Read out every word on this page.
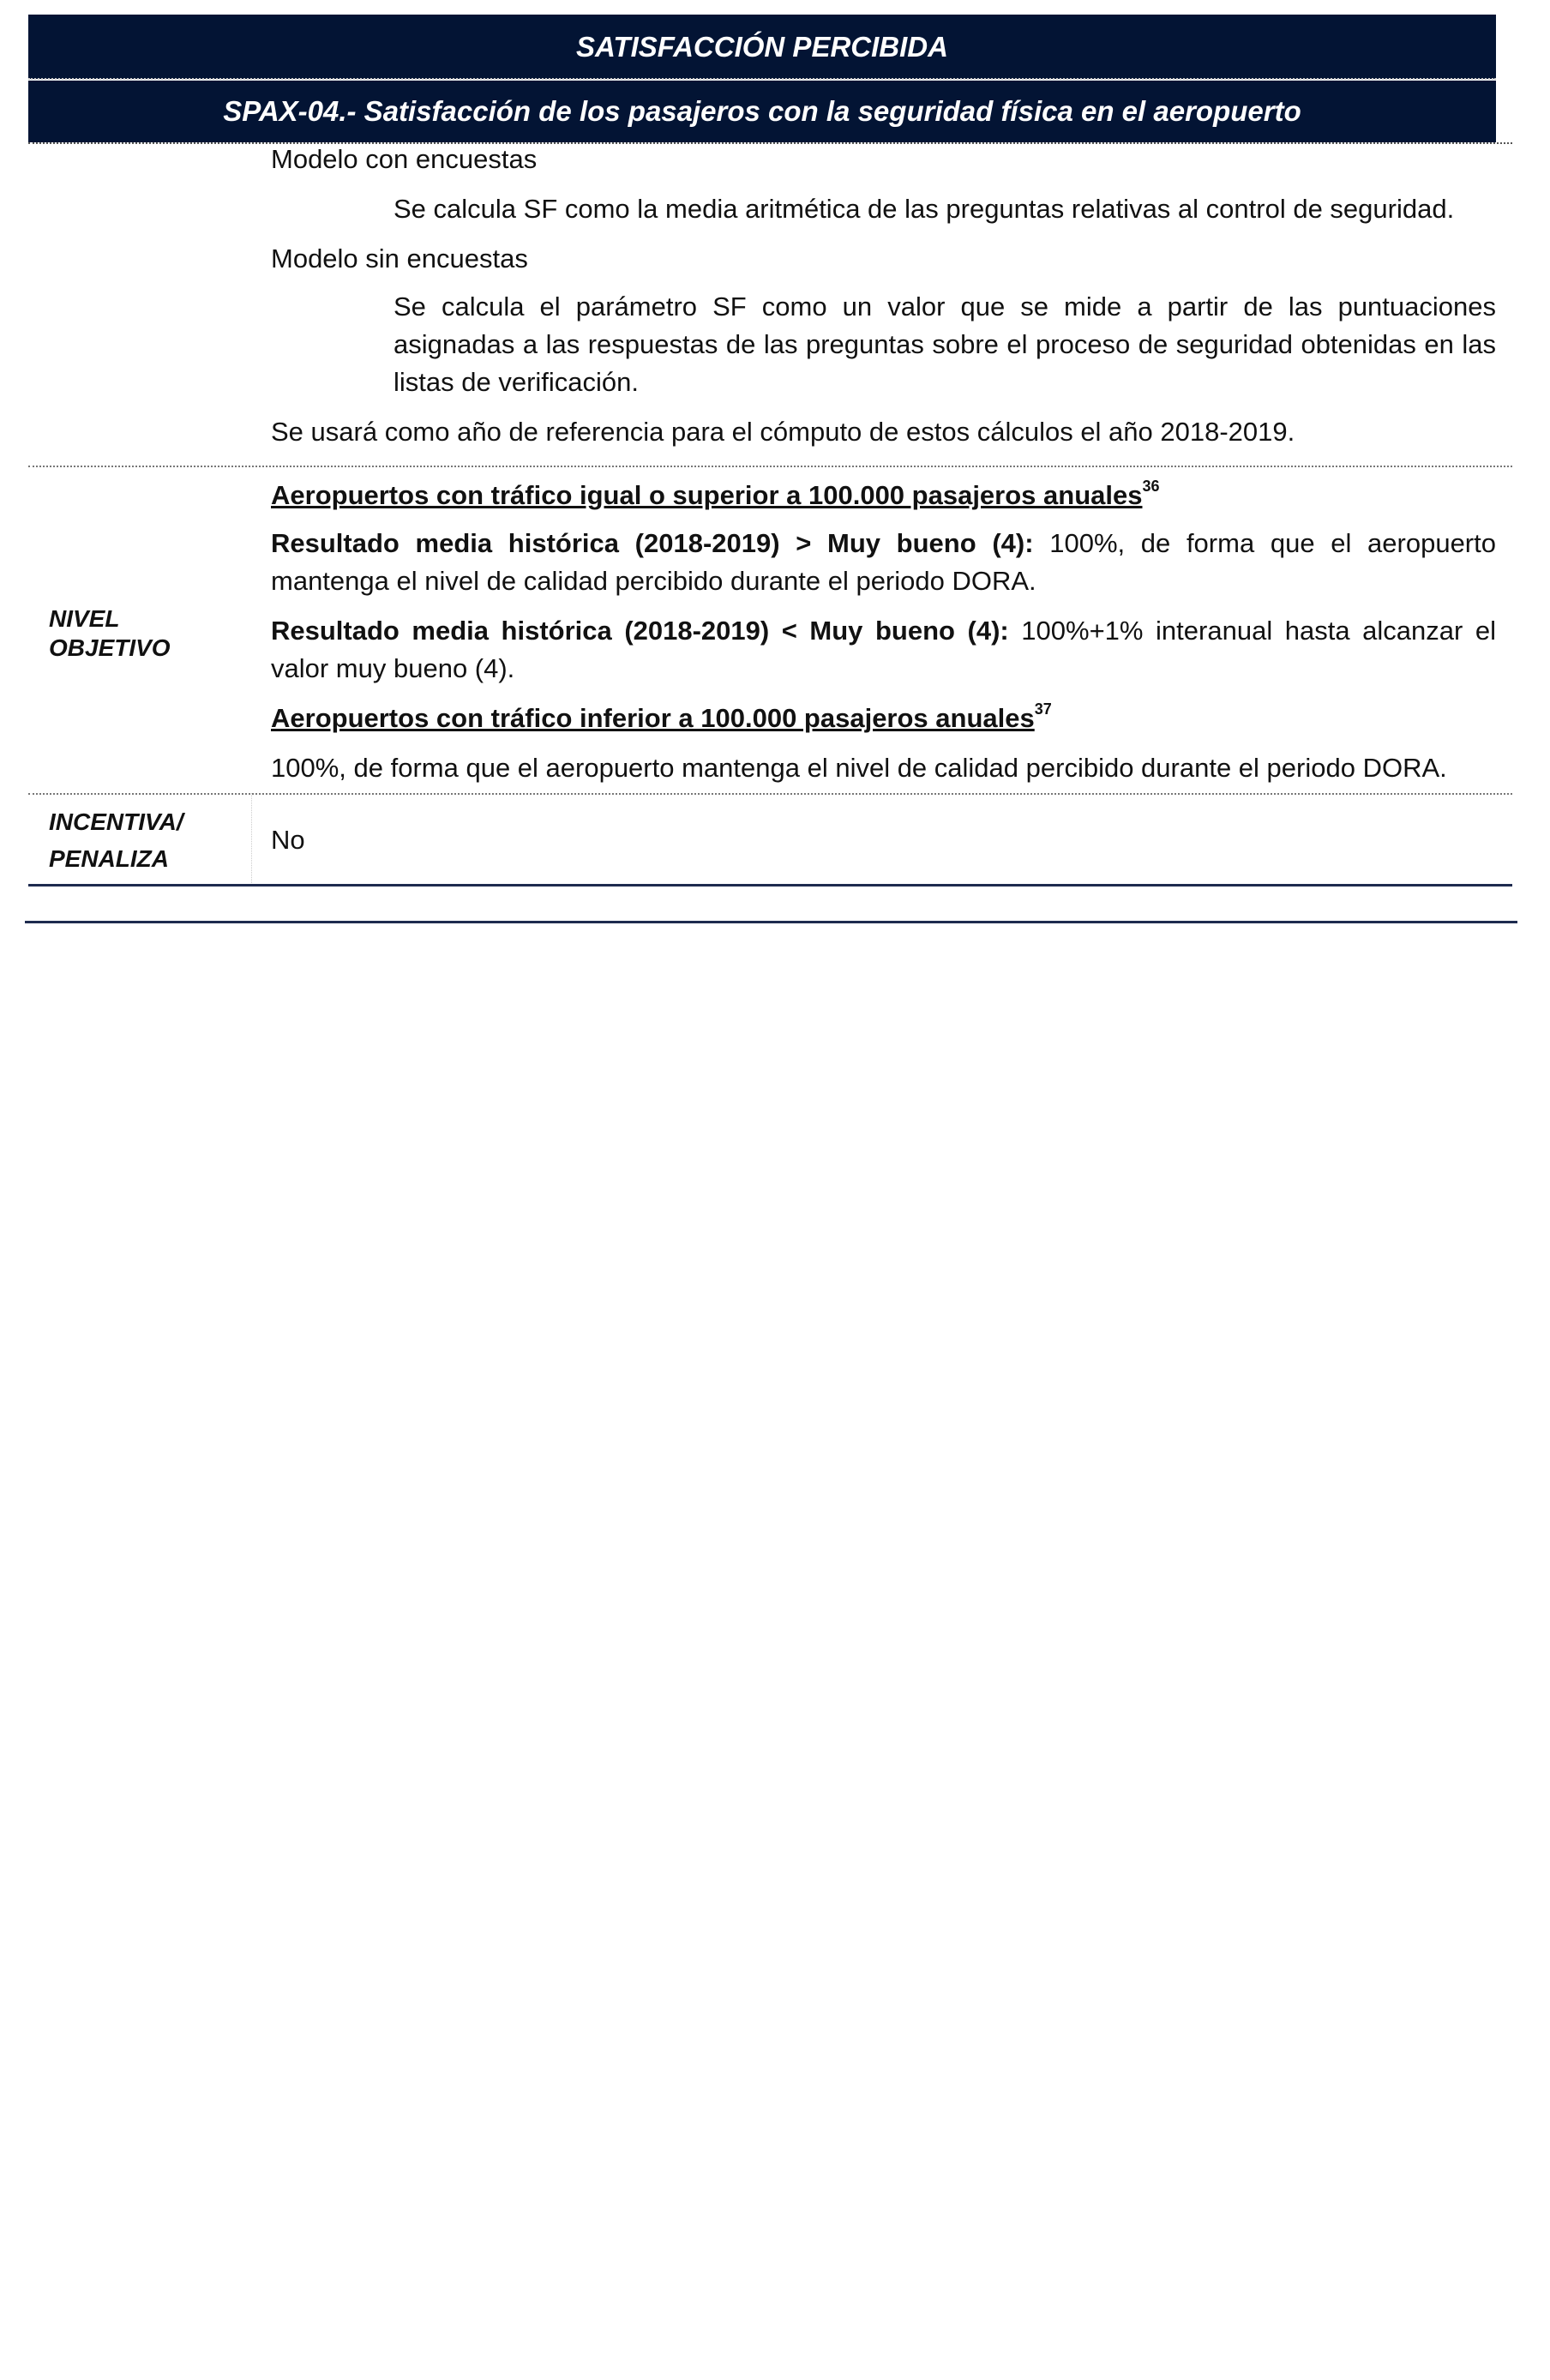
SATISFACCIÓN PERCIBIDA
SPAX-04.- Satisfacción de los pasajeros con la seguridad física en el aeropuerto
Modelo con encuestas
Se calcula SF como la media aritmética de las preguntas relativas al control de seguridad.
Modelo sin encuestas
Se calcula el parámetro SF como un valor que se mide a partir de las puntuaciones asignadas a las respuestas de las preguntas sobre el proceso de seguridad obtenidas en las listas de verificación.
Se usará como año de referencia para el cómputo de estos cálculos el año 2018-2019.
NIVEL OBJETIVO
Aeropuertos con tráfico igual o superior a 100.000 pasajeros anuales$^{36}$
Resultado media histórica (2018-2019) > Muy bueno (4): 100%, de forma que el aeropuerto mantenga el nivel de calidad percibido durante el periodo DORA.
Resultado media histórica (2018-2019) < Muy bueno (4): 100%+1% interanual hasta alcanzar el valor muy bueno (4).
Aeropuertos con tráfico inferior a 100.000 pasajeros anuales$^{37}$
100%, de forma que el aeropuerto mantenga el nivel de calidad percibido durante el periodo DORA.
INCENTIVA/
PENALIZA
No
